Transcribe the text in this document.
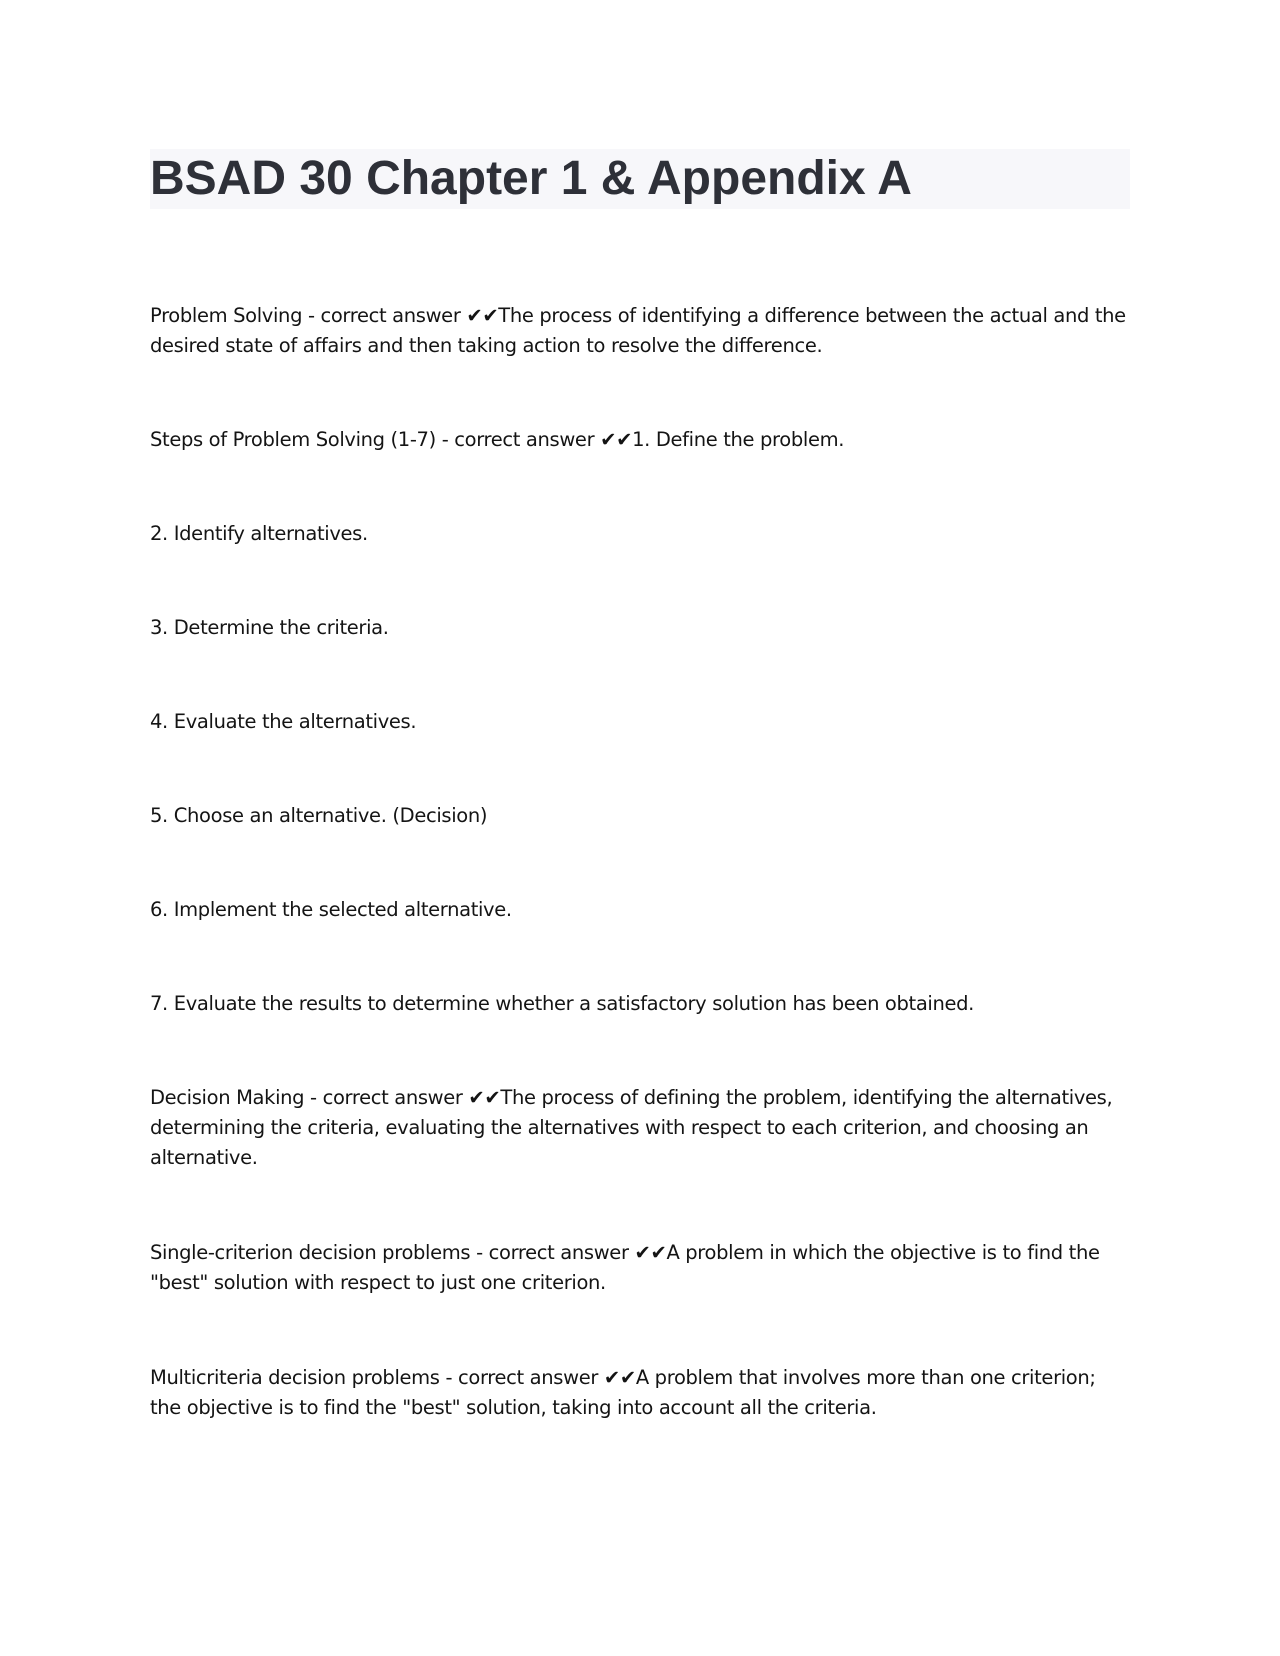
BSAD 30 Chapter 1 & Appendix A

Problem Solving - correct answer ✔✔The process of identifying a difference between the actual and the desired state of affairs and then taking action to resolve the difference.

Steps of Problem Solving (1-7) - correct answer ✔✔1. Define the problem.

2. Identify alternatives.

3. Determine the criteria.

4. Evaluate the alternatives.

5. Choose an alternative. (Decision)

6. Implement the selected alternative.

7. Evaluate the results to determine whether a satisfactory solution has been obtained.

Decision Making - correct answer ✔✔The process of defining the problem, identifying the alternatives, determining the criteria, evaluating the alternatives with respect to each criterion, and choosing an alternative.

Single-criterion decision problems - correct answer ✔✔A problem in which the objective is to find the "best" solution with respect to just one criterion.

Multicriteria decision problems - correct answer ✔✔A problem that involves more than one criterion; the objective is to find the "best" solution, taking into account all the criteria.
